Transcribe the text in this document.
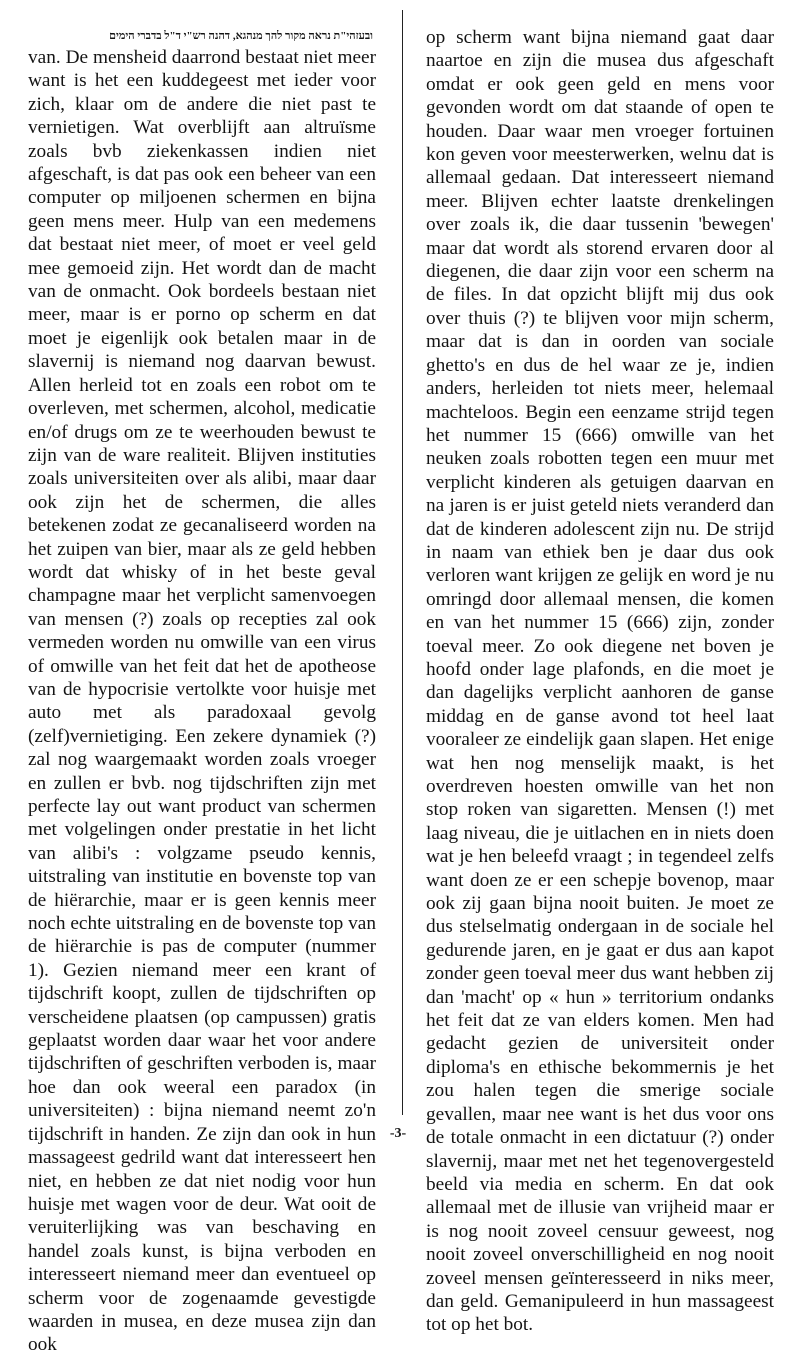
ובעזהי"ת נראה מקור להך מנהגא, דהנה רש"י ד"ל בדברי הימים

van. De mensheid daarrond bestaat niet meer want is het een kuddegeest met ieder voor zich, klaar om de andere die niet past te vernietigen. Wat overblijft aan altruïsme zoals bvb ziekenkassen indien niet afgeschaft, is dat pas ook een beheer van een computer op miljoenen schermen en bijna geen mens meer. Hulp van een medemens dat bestaat niet meer, of moet er veel geld mee gemoeid zijn. Het wordt dan de macht van de onmacht. Ook bordeels bestaan niet meer, maar is er porno op scherm en dat moet je eigenlijk ook betalen maar in de slavernij is niemand nog daarvan bewust. Allen herleid tot en zoals een robot om te overleven, met schermen, alcohol, medicatie en/of drugs om ze te weerhouden bewust te zijn van de ware realiteit. Blijven instituties zoals universiteiten over als alibi, maar daar ook zijn het de schermen, die alles betekenen zodat ze gecanaliseerd worden na het zuipen van bier, maar als ze geld hebben wordt dat whisky of in het beste geval champagne maar het verplicht samenvoegen van mensen (?) zoals op recepties zal ook vermeden worden nu omwille van een virus of omwille van het feit dat het de apotheose van de hypocrisie vertolkte voor huisje met auto met als paradoxaal gevolg (zelf)vernietiging. Een zekere dynamiek (?) zal nog waargemaakt worden zoals vroeger en zullen er bvb. nog tijdschriften zijn met perfecte lay out want product van schermen met volgelingen onder prestatie in het licht van alibi's : volgzame pseudo kennis, uitstraling van institutie en bovenste top van de hiërarchie, maar er is geen kennis meer noch echte uitstraling en de bovenste top van de hiërarchie is pas de computer (nummer 1). Gezien niemand meer een krant of tijdschrift koopt, zullen de tijdschriften op verscheidene plaatsen (op campussen) gratis geplaatst worden daar waar het voor andere tijdschriften of geschriften verboden is, maar hoe dan ook weeral een paradox (in universiteiten) : bijna niemand neemt zo'n tijdschrift in handen. Ze zijn dan ook in hun massageest gedrild want dat interesseert hen niet, en hebben ze dat niet nodig voor hun huisje met wagen voor de deur. Wat ooit de veruiterlijking was van beschaving en handel zoals kunst, is bijna verboden en interesseert niemand meer dan eventueel op scherm voor de zogenaamde gevestigde waarden in musea, en deze musea zijn dan ook

op scherm want bijna niemand gaat daar naartoe en zijn die musea dus afgeschaft omdat er ook geen geld en mens voor gevonden wordt om dat staande of open te houden. Daar waar men vroeger fortuinen kon geven voor meesterwerken, welnu dat is allemaal gedaan. Dat interesseert niemand meer. Blijven echter laatste drenkelingen over zoals ik, die daar tussenin 'bewegen' maar dat wordt als storend ervaren door al diegenen, die daar zijn voor een scherm na de files. In dat opzicht blijft mij dus ook over thuis (?) te blijven voor mijn scherm, maar dat is dan in oorden van sociale ghetto's en dus de hel waar ze je, indien anders, herleiden tot niets meer, helemaal machteloos. Begin een eenzame strijd tegen het nummer 15 (666) omwille van het neuken zoals robotten tegen een muur met verplicht kinderen als getuigen daarvan en na jaren is er juist geteld niets veranderd dan dat de kinderen adolescent zijn nu. De strijd in naam van ethiek ben je daar dus ook verloren want krijgen ze gelijk en word je nu omringd door allemaal mensen, die komen en van het nummer 15 (666) zijn, zonder toeval meer. Zo ook diegene net boven je hoofd onder lage plafonds, en die moet je dan dagelijks verplicht aanhoren de ganse middag en de ganse avond tot heel laat vooraleer ze eindelijk gaan slapen. Het enige wat hen nog menselijk maakt, is het overdreven hoesten omwille van het non stop roken van sigaretten. Mensen (!) met laag niveau, die je uitlachen en in niets doen wat je hen beleefd vraagt ; in tegendeel zelfs want doen ze er een schepje bovenop, maar ook zij gaan bijna nooit buiten. Je moet ze dus stelselmatig ondergaan in de sociale hel gedurende jaren, en je gaat er dus aan kapot zonder geen toeval meer dus want hebben zij dan 'macht' op « hun » territorium ondanks het feit dat ze van elders komen. Men had gedacht gezien de universiteit onder diploma's en ethische bekommernis je het zou halen tegen die smerige sociale gevallen, maar nee want is het dus voor ons de totale onmacht in een dictatuur (?) onder slavernij, maar met net het tegenovergesteld beeld via media en scherm. En dat ook allemaal met de illusie van vrijheid maar er is nog nooit zoveel censuur geweest, nog nooit zoveel onverschilligheid en nog nooit zoveel mensen geïnteresseerd in niks meer, dan geld. Gemanipuleerd in hun massageest tot op het bot.

-3-
